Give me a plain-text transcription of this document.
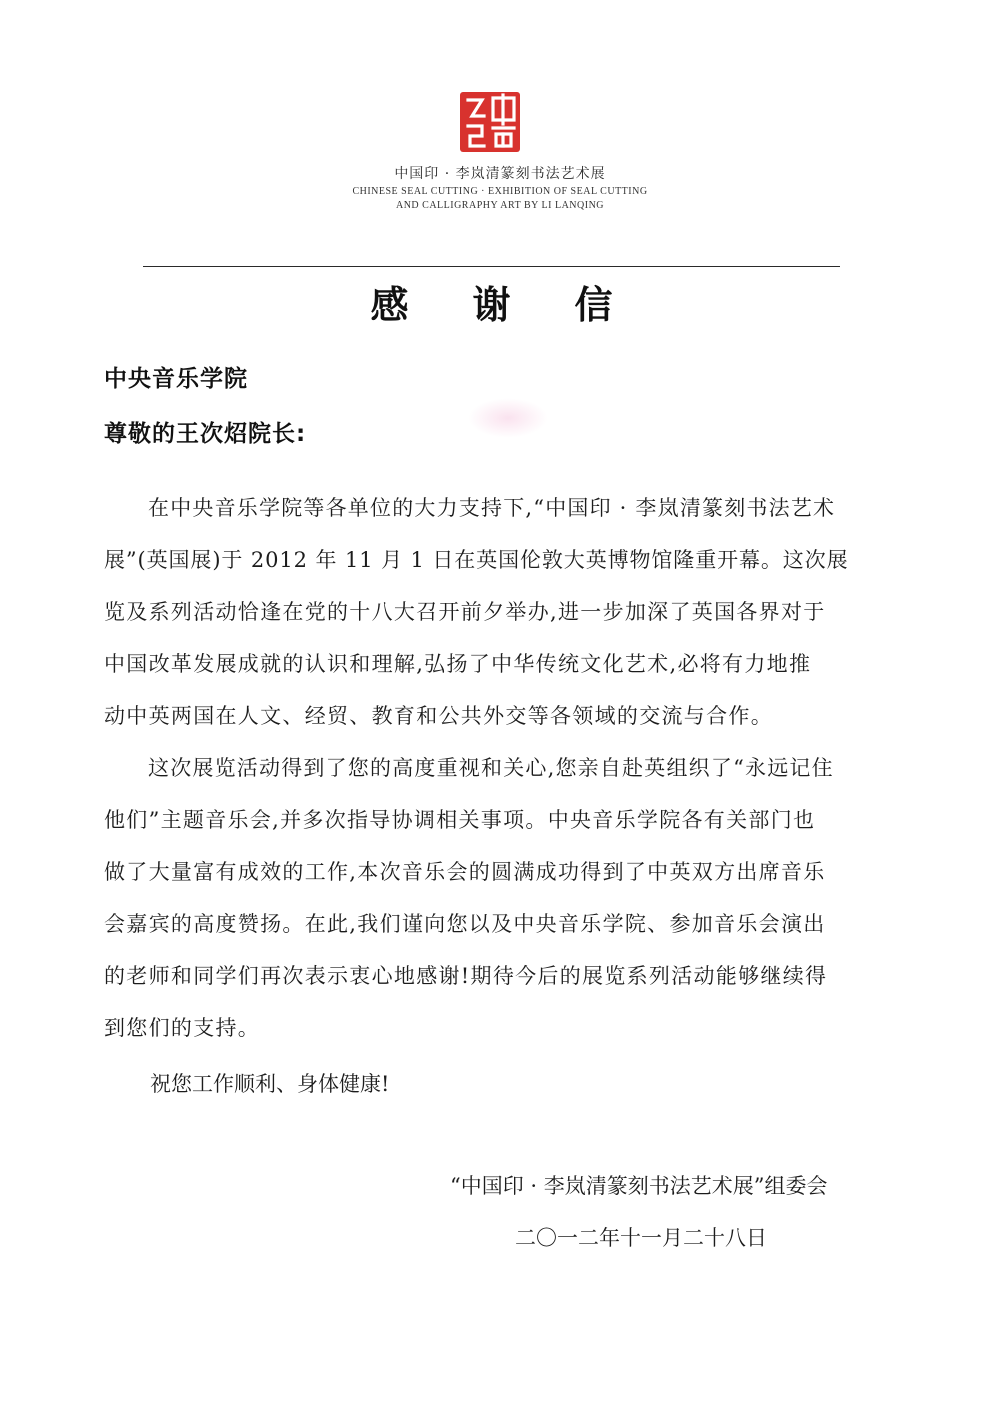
中国印 · 李岚清篆刻书法艺术展
CHINESE SEAL CUTTING · EXHIBITION OF SEAL CUTTING
AND CALLIGRAPHY ART BY LI LANQING
感谢信
中央音乐学院
尊敬的王次炤院长:
在中央音乐学院等各单位的大力支持下,“中国印 · 李岚清篆刻书法艺术
展”(英国展)于 2012 年 11 月 1 日在英国伦敦大英博物馆隆重开幕。这次展
览及系列活动恰逢在党的十八大召开前夕举办,进一步加深了英国各界对于
中国改革发展成就的认识和理解,弘扬了中华传统文化艺术,必将有力地推
动中英两国在人文、经贸、教育和公共外交等各领域的交流与合作。
这次展览活动得到了您的高度重视和关心,您亲自赴英组织了“永远记住
他们”主题音乐会,并多次指导协调相关事项。中央音乐学院各有关部门也
做了大量富有成效的工作,本次音乐会的圆满成功得到了中英双方出席音乐
会嘉宾的高度赞扬。在此,我们谨向您以及中央音乐学院、参加音乐会演出
的老师和同学们再次表示衷心地感谢!期待今后的展览系列活动能够继续得
到您们的支持。
祝您工作顺利、身体健康!
“中国印 · 李岚清篆刻书法艺术展”组委会
二〇一二年十一月二十八日
